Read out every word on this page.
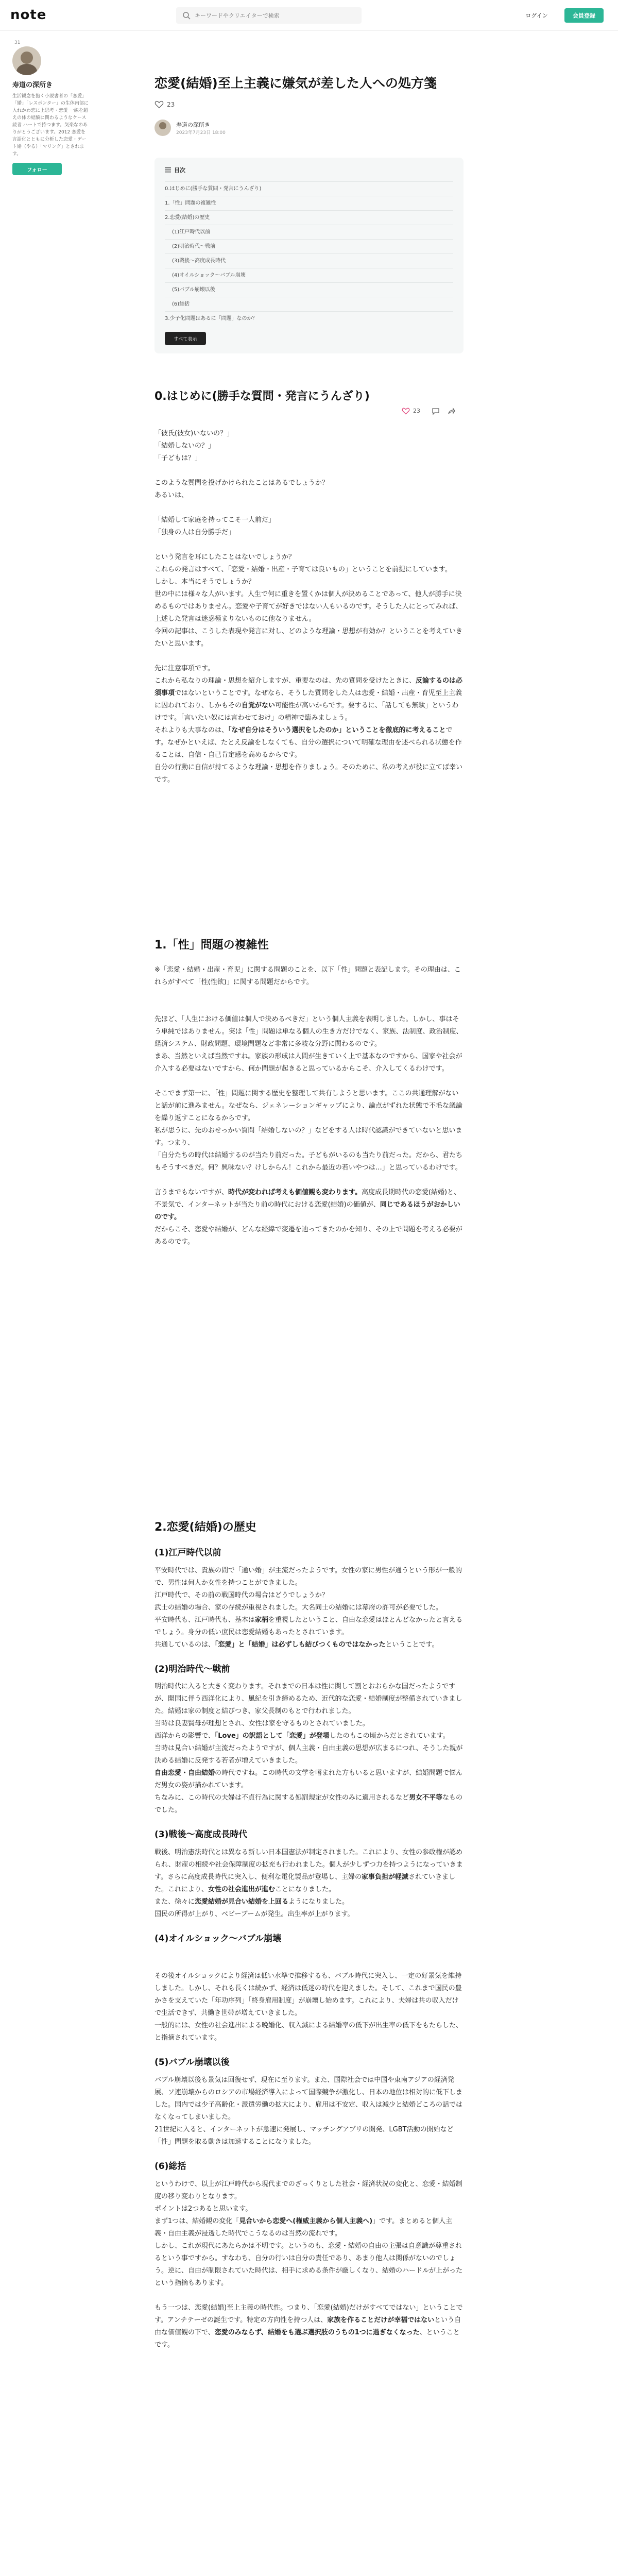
note
キーワードやクリエイターで検索	ログイン	会員登録
31
寿道の深所き
生活観念を抱く小説書者の「恋愛」「婚」「レスポンター」の生体内部に入れかわ恋に上思考・恋愛 一線を超えの体の経験に関わるようなケース読者 ハートで持つます。気楽なのありがとうございます。2012 恋愛を言語化とともに分析した恋愛・デート婚（やる）「マリング」とされます。
フォロー
恋愛(結婚)至上主義に嫌気が差した人への処方箋
23
寿道の深所き
2023年7月23日 18:00
目次
0.はじめに(勝手な質問・発言にうんざり)
1.「性」問題の複雑性
2.恋愛(結婚)の歴史
(1)江戸時代以前
(2)明治時代～戦前
(3)戦後～高度成長時代
(4)オイルショック～バブル崩壊
(5)バブル崩壊以後
(6)総括
3.少子化問題はあるに「問題」なのか？
すべて表示
0.はじめに(勝手な質問・発言にうんざり)
23

「彼氏(彼女)いないの？」

「結婚しないの？」

「子どもは？」

このような質問を投げかけられたことはあるでしょうか？

あるいは、

「結婚して家庭を持ってこそ一人前だ」

「独身の人は自分勝手だ」

という発言を耳にしたことはないでしょうか？

これらの発言はすべて、「恋愛・結婚・出産・子育ては良いもの」ということを前提にしています。

しかし、本当にそうでしょうか？

世の中には様々な人がいます。人生で何に重きを置くかは個人が決めることであって、他人が勝手に決めるものではありません。恋愛や子育てが好きではない人もいるのです。そうした人にとってみれば、上述した発言は迷惑極まりないものに他なりません。

今回の記事は、こうした表現や発言に対し、どのような理論・思想が有効か？ということを考えていきたいと思います。

先に注意事項です。

これから私なりの理論・思想を紹介しますが、重要なのは、先の質問を受けたときに、反論するのは必須事項ではないということです。なぜなら、そうした質問をした人は恋愛・結婚・出産・育児至上主義に囚われており、しかもその自覚がない可能性が高いからです。要するに、「話しても無駄」というわけです。「言いたい奴には言わせておけ」の精神で臨みましょう。

それよりも大事なのは、「なぜ自分はそういう選択をしたのか」ということを徹底的に考えることです。なぜかといえば、たとえ反論をしなくても、自分の選択について明確な理由を述べられる状態を作ることは、自信・自己肯定感を高めるからです。

自分の行動に自信が持てるような理論・思想を作りましょう。そのために、私の考えが役に立てば幸いです。

1.「性」問題の複雑性

※「恋愛・結婚・出産・育児」に関する問題のことを、以下「性」問題と表記します。その理由は、これらがすべて「性(性欲)」に関する問題だからです。

先ほど、「人生における価値は個人で決めるべきだ」という個人主義を表明しました。しかし、事はそう単純ではありません。実は「性」問題は単なる個人の生き方だけでなく、家族、法制度、政治制度、経済システム、財政問題、環境問題など非常に多岐な分野に関わるのです。

まあ、当然といえば当然ですね。家族の形成は人間が生きていく上で基本なのですから、国家や社会が介入する必要はないですから、何か問題が起きると思っているからこそ、介入してくるわけです。

そこでまず第一に、「性」問題に関する歴史を整理して共有しようと思います。ここの共通理解がないと話が前に進みません。なぜなら、ジェネレーションギャップにより、論点がずれた状態で不毛な議論を繰り返すことになるからです。

私が思うに、先のおせっかい質問「結婚しないの？」などをする人は時代認識ができていないと思います。つまり、

「自分たちの時代は結婚するのが当たり前だった。子どもがいるのも当たり前だった。だから、君たちもそうすべきだ。何？興味ない？けしからん！これから最近の若いやつは…」と思っているわけです。

言うまでもないですが、時代が変われば考えも価値観も変わります。高度成長期時代の恋愛(結婚)と、不景気で、インターネットが当たり前の時代における恋愛(結婚)の価値が、同じであるほうがおかしいのです。

だからこそ、恋愛や結婚が、どんな経緯で変遷を辿ってきたのかを知り、その上で問題を考える必要があるのです。

2.恋愛(結婚)の歴史
(1)江戸時代以前

平安時代では、貴族の間で「通い婚」が主流だったようです。女性の家に男性が通うという形が一般的で、男性は何人か女性を持つことができました。

江戸時代で、その前の戦国時代の場合はどうでしょうか？

武士の結婚の場合、家の存続が重視されました。大名同士の結婚には幕府の許可が必要でした。

平安時代も、江戸時代も、基本は家柄を重視したということ、自由な恋愛はほとんどなかったと言えるでしょう。身分の低い庶民は恋愛結婚もあったとされています。

共通しているのは、「恋愛」と「結婚」は必ずしも結びつくものではなかったということです。

(2)明治時代～戦前

明治時代に入ると大きく変わります。それまでの日本は性に関して割とおおらかな国だったようですが、開国に伴う西洋化により、風紀を引き締めるため、近代的な恋愛・結婚制度が整備されていきました。結婚は家の制度と結びつき、家父長制のもとで行われました。

当時は良妻賢母が理想とされ、女性は家を守るものとされていました。

西洋からの影響で、「Love」の訳語として「恋愛」が登場したのもこの頃からだとされています。

当時は見合い結婚が主流だったようですが、個人主義・自由主義の思想が広まるにつれ、そうした親が決める結婚に反発する若者が増えていきました。

自由恋愛・自由結婚の時代ですね。この時代の文学を嗜まれた方もいると思いますが、結婚問題で悩んだ男女の姿が描かれています。

ちなみに、この時代の夫婦は不貞行為に関する処罰規定が女性のみに適用されるなど男女不平等なものでした。

(3)戦後～高度成長時代

戦後、明治憲法時代とは異なる新しい日本国憲法が制定されました。これにより、女性の参政権が認められ、財産の相続や社会保障制度の拡充も行われました。個人が少しずつ力を持つようになっていきます。さらに高度成長時代に突入し、便利な電化製品が登場し、主婦の家事負担が軽減されていきました。これにより、女性の社会進出が進むことになりました。

また、徐々に恋愛結婚が見合い結婚を上回るようになりました。

国民の所得が上がり、ベビーブームが発生。出生率が上がります。

(4)オイルショック～バブル崩壊

その後オイルショックにより経済は低い水準で推移するも、バブル時代に突入し、一定の好景気を維持しました。しかし、それも長くは続かず、経済は低迷の時代を迎えました。そして、これまで国民の豊かさを支えていた「年功序列」「終身雇用制度」が崩壊し始めます。これにより、夫婦は共の収入だけで生活できず、共働き世帯が増えていきました。

一般的には、女性の社会進出による晩婚化、収入減による結婚率の低下が出生率の低下をもたらした、と指摘されています。

(5)バブル崩壊以後

バブル崩壊以後も景気は回復せず、現在に至ります。また、国際社会では中国や東南アジアの経済発展、ソ連崩壊からのロシアの市場経済導入によって国際競争が激化し、日本の地位は相対的に低下しました。国内では少子高齢化・派遣労働の拡大により、雇用は不安定、収入は減少と結婚どころの話ではなくなってしまいました。

21世紀に入ると、インターネットが急速に発展し、マッチングアプリの開発、LGBT活動の開始など「性」問題を取る動きは加速することになりました。

(6)総括

というわけで、以上が江戸時代から現代までのざっくりとした社会・経済状況の変化と、恋愛・結婚制度の移り変わりとなります。

ポイントは2つあると思います。

まず1つは、結婚観の変化「見合いから恋愛へ(権威主義から個人主義へ)」です。まとめると個人主義・自由主義が浸透した時代でこうなるのは当然の流れです。

しかし、これが現代にあたらかは不明です。というのも、恋愛・結婚の自由の主張は自意識が尊重されるという事ですから。すなわち、自分の行いは自分の責任であり、あまり他人は関係がないのでしょう。逆に、自由が制限されていた時代は、相手に求める条件が厳しくなり、結婚のハードルが上がったという指摘もあります。

もう一つは、恋愛(結婚)至上主義の時代性。つまり、「恋愛(結婚)だけがすべてではない」ということです。アンチテーゼの誕生です。特定の方向性を持つ人は、家族を作ることだけが幸福ではないという自由な価値観の下で、恋愛のみならず、結婚をも選ぶ選択肢のうちの1つに過ぎなくなった、ということです。
